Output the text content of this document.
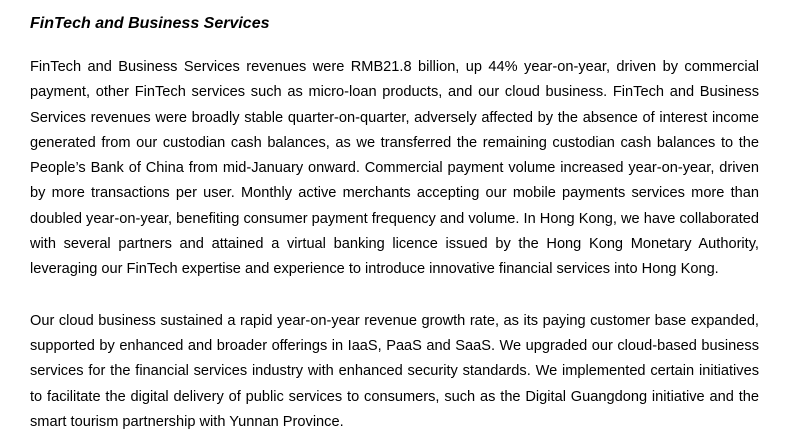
FinTech and Business Services

FinTech and Business Services revenues were RMB21.8 billion, up 44% year-on-year, driven by commercial payment, other FinTech services such as micro-loan products, and our cloud business. FinTech and Business Services revenues were broadly stable quarter-on-quarter, adversely affected by the absence of interest income generated from our custodian cash balances, as we transferred the remaining custodian cash balances to the People’s Bank of China from mid-January onward. Commercial payment volume increased year-on-year, driven by more transactions per user. Monthly active merchants accepting our mobile payments services more than doubled year-on-year, benefiting consumer payment frequency and volume. In Hong Kong, we have collaborated with several partners and attained a virtual banking licence issued by the Hong Kong Monetary Authority, leveraging our FinTech expertise and experience to introduce innovative financial services into Hong Kong.

Our cloud business sustained a rapid year-on-year revenue growth rate, as its paying customer base expanded, supported by enhanced and broader offerings in IaaS, PaaS and SaaS. We upgraded our cloud-based business services for the financial services industry with enhanced security standards. We implemented certain initiatives to facilitate the digital delivery of public services to consumers, such as the Digital Guangdong initiative and the smart tourism partnership with Yunnan Province.
